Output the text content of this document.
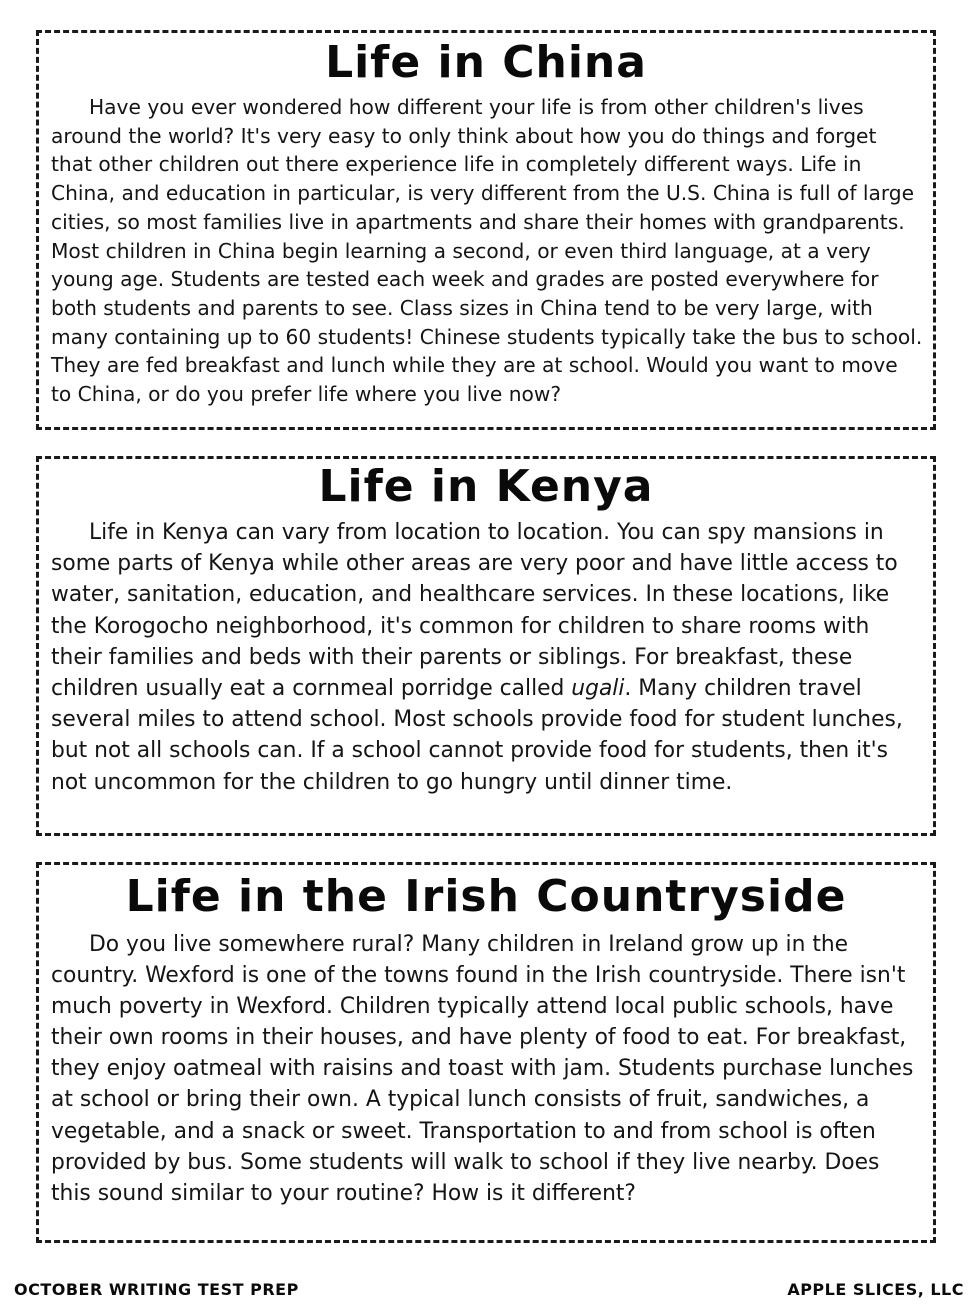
Life in China

Have you ever wondered how different your life is from other children's lives around the world? It's very easy to only think about how you do things and forget that other children out there experience life in completely different ways. Life in China, and education in particular, is very different from the U.S. China is full of large cities, so most families live in apartments and share their homes with grandparents. Most children in China begin learning a second, or even third language, at a very young age. Students are tested each week and grades are posted everywhere for both students and parents to see. Class sizes in China tend to be very large, with many containing up to 60 students! Chinese students typically take the bus to school. They are fed breakfast and lunch while they are at school. Would you want to move to China, or do you prefer life where you live now?

Life in Kenya

Life in Kenya can vary from location to location. You can spy mansions in some parts of Kenya while other areas are very poor and have little access to water, sanitation, education, and healthcare services. In these locations, like the Korogocho neighborhood, it's common for children to share rooms with their families and beds with their parents or siblings. For breakfast, these children usually eat a cornmeal porridge called ugali. Many children travel several miles to attend school. Most schools provide food for student lunches, but not all schools can. If a school cannot provide food for students, then it's not uncommon for the children to go hungry until dinner time.

Life in the Irish Countryside

Do you live somewhere rural? Many children in Ireland grow up in the country. Wexford is one of the towns found in the Irish countryside. There isn't much poverty in Wexford. Children typically attend local public schools, have their own rooms in their houses, and have plenty of food to eat. For breakfast, they enjoy oatmeal with raisins and toast with jam. Students purchase lunches at school or bring their own. A typical lunch consists of fruit, sandwiches, a vegetable, and a snack or sweet. Transportation to and from school is often provided by bus. Some students will walk to school if they live nearby. Does this sound similar to your routine? How is it different?

OCTOBER WRITING TEST PREP	APPLE SLICES, LLC
